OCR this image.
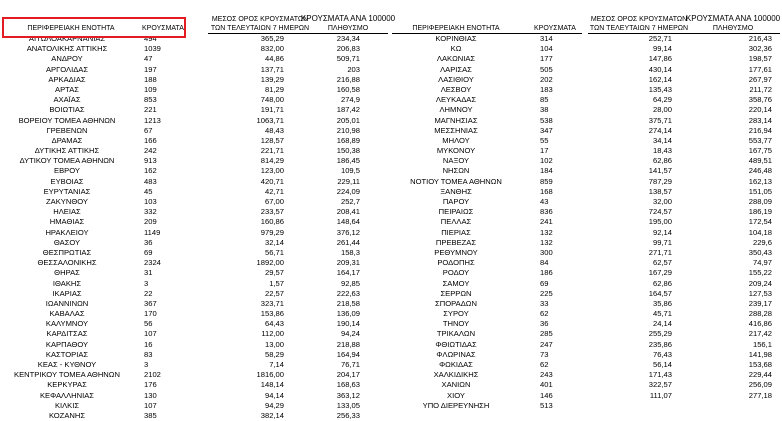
ΠΕΡΙΦΕΡΕΙΑΚΗ ΕΝΟΤΗΤΑ	ΚΡΟΥΣΜΑΤΑ
ΜΕΣΟΣ ΟΡΟΣ ΚΡΟΥΣΜΑΤΩΝ
ΤΩΝ ΤΕΛΕΥΤΑΙΩΝ 7 ΗΜΕΡΩΝ
ΚΡΟΥΣΜΑΤΑ ΑΝΑ 100000
ΠΛΗΘΥΣΜΟ
ΑΙΤΩΛΟΑΚΑΡΝΑΝΙΑΣ	494	365,29	234,34
ΑΝΑΤΟΛΙΚΗΣ ΑΤΤΙΚΗΣ	1039	832,00	206,83
ΑΝΔΡΟΥ	47	44,86	509,71
ΑΡΓΟΛΙΔΑΣ	197	137,71	203
ΑΡΚΑΔΙΑΣ	188	139,29	216,88
ΑΡΤΑΣ	109	81,29	160,58
ΑΧΑΪΑΣ	853	748,00	274,9
ΒΟΙΩΤΙΑΣ	221	191,71	187,42
ΒΟΡΕΙΟΥ ΤΟΜΕΑ ΑΘΗΝΩΝ	1213	1063,71	205,01
ΓΡΕΒΕΝΩΝ	67	48,43	210,98
ΔΡΑΜΑΣ	166	128,57	168,89
ΔΥΤΙΚΗΣ ΑΤΤΙΚΗΣ	242	221,71	150,38
ΔΥΤΙΚΟΥ ΤΟΜΕΑ ΑΘΗΝΩΝ	913	814,29	186,45
ΕΒΡΟΥ	162	123,00	109,5
ΕΥΒΟΙΑΣ	483	420,71	229,11
ΕΥΡΥΤΑΝΙΑΣ	45	42,71	224,09
ΖΑΚΥΝΘΟΥ	103	67,00	252,7
ΗΛΕΙΑΣ	332	233,57	208,41
ΗΜΑΘΙΑΣ	209	160,86	148,64
ΗΡΑΚΛΕΙΟΥ	1149	979,29	376,12
ΘΑΣΟΥ	36	32,14	261,44
ΘΕΣΠΡΩΤΙΑΣ	69	56,71	158,3
ΘΕΣΣΑΛΟΝΙΚΗΣ	2324	1892,00	209,31
ΘΗΡΑΣ	31	29,57	164,17
ΙΘΑΚΗΣ	3	1,57	92,85
ΙΚΑΡΙΑΣ	22	22,57	222,63
ΙΩΑΝΝΙΝΩΝ	367	323,71	218,58
ΚΑΒΑΛΑΣ	170	153,86	136,09
ΚΑΛΥΜΝΟΥ	56	64,43	190,14
ΚΑΡΔΙΤΣΑΣ	107	112,00	94,24
ΚΑΡΠΑΘΟΥ	16	13,00	218,88
ΚΑΣΤΟΡΙΑΣ	83	58,29	164,94
ΚΕΑΣ - ΚΥΘΝΟΥ	3	7,14	76,71
ΚΕΝΤΡΙΚΟΥ ΤΟΜΕΑ ΑΘΗΝΩΝ	2102	1816,00	204,17
ΚΕΡΚΥΡΑΣ	176	148,14	168,63
ΚΕΦΑΛΛΗΝΙΑΣ	130	94,14	363,12
ΚΙΛΚΙΣ	107	94,29	133,05
ΚΟΖΑΝΗΣ	385	382,14	256,33
ΠΕΡΙΦΕΡΕΙΑΚΗ ΕΝΟΤΗΤΑ	ΚΡΟΥΣΜΑΤΑ
ΜΕΣΟΣ ΟΡΟΣ ΚΡΟΥΣΜΑΤΩΝ
ΤΩΝ ΤΕΛΕΥΤΑΙΩΝ 7 ΗΜΕΡΩΝ
ΚΡΟΥΣΜΑΤΑ ΑΝΑ 100000
ΠΛΗΘΥΣΜΟ
ΚΟΡΙΝΘΙΑΣ	314	252,71	216,43
ΚΩ	104	99,14	302,36
ΛΑΚΩΝΙΑΣ	177	147,86	198,57
ΛΑΡΙΣΑΣ	505	430,14	177,61
ΛΑΣΙΘΙΟΥ	202	162,14	267,97
ΛΕΣΒΟΥ	183	135,43	211,72
ΛΕΥΚΑΔΑΣ	85	64,29	358,76
ΛΗΜΝΟΥ	38	28,00	220,14
ΜΑΓΝΗΣΙΑΣ	538	375,71	283,14
ΜΕΣΣΗΝΙΑΣ	347	274,14	216,94
ΜΗΛΟΥ	55	34,14	553,77
ΜΥΚΟΝΟΥ	17	18,43	167,75
ΝΑΞΟΥ	102	62,86	489,51
ΝΗΣΩΝ	184	141,57	246,48
ΝΟΤΙΟΥ ΤΟΜΕΑ ΑΘΗΝΩΝ	859	787,29	162,13
ΞΑΝΘΗΣ	168	138,57	151,05
ΠΑΡΟΥ	43	32,00	288,09
ΠΕΙΡΑΙΩΣ	836	724,57	186,19
ΠΕΛΛΑΣ	241	195,00	172,54
ΠΙΕΡΙΑΣ	132	92,14	104,18
ΠΡΕΒΕΖΑΣ	132	99,71	229,6
ΡΕΘΥΜΝΟΥ	300	271,71	350,43
ΡΟΔΟΠΗΣ	84	62,57	74,97
ΡΟΔΟΥ	186	167,29	155,22
ΣΑΜΟΥ	69	62,86	209,24
ΣΕΡΡΩΝ	225	164,57	127,53
ΣΠΟΡΑΔΩΝ	33	35,86	239,17
ΣΥΡΟΥ	62	45,71	288,28
ΤΗΝΟΥ	36	24,14	416,86
ΤΡΙΚΑΛΩΝ	285	255,29	217,42
ΦΘΙΩΤΙΔΑΣ	247	235,86	156,1
ΦΛΩΡΙΝΑΣ	73	76,43	141,98
ΦΩΚΙΔΑΣ	62	56,14	153,68
ΧΑΛΚΙΔΙΚΗΣ	243	171,43	229,44
ΧΑΝΙΩΝ	401	322,57	256,09
ΧΙΟΥ	146	111,07	277,18
ΥΠΟ ΔΙΕΡΕΥΝΗΣΗ	513
